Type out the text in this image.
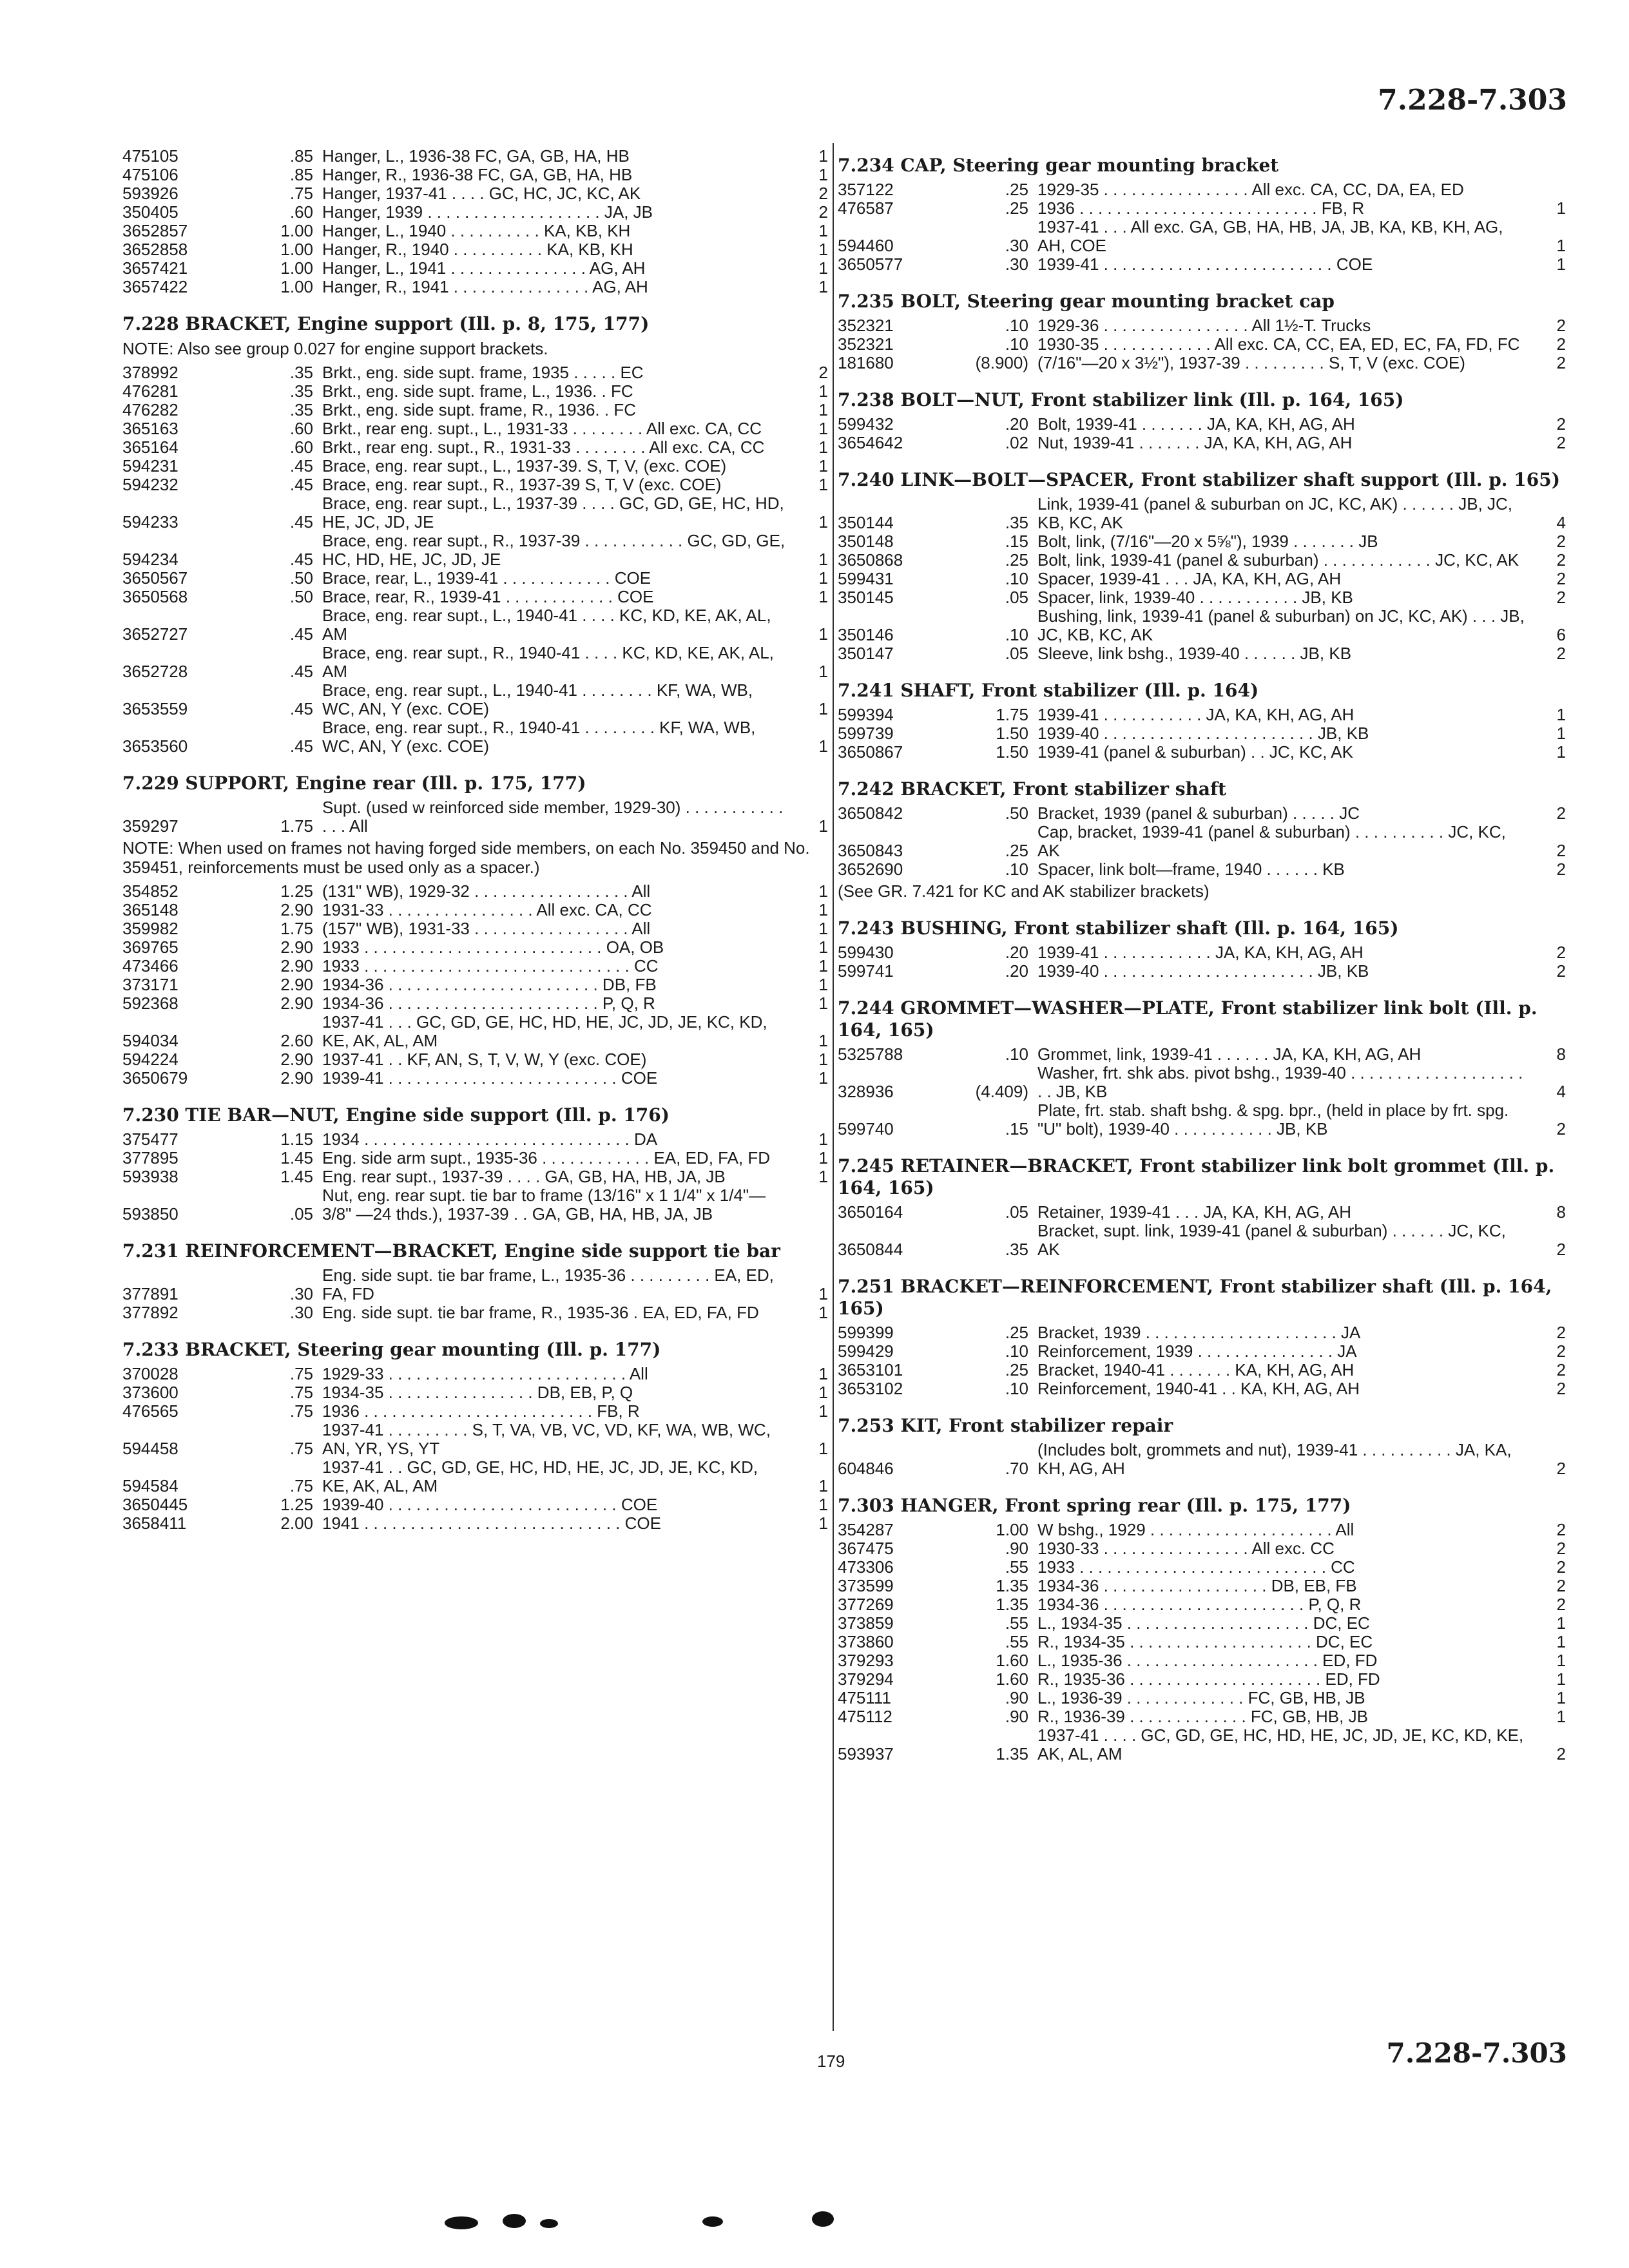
7.228-7.303
475105	.85 Hanger, L., 1936-38 FC, GA, GB, HA, HB	1
475106	.85 Hanger, R., 1936-38 FC, GA, GB, HA, HB	1
593926	.75 Hanger, 1937-41 . . . . GC, HC, JC, KC, AK	2
350405	.60 Hanger, 1939 . . . . . . . . . . . . . . . . . . . JA, JB	2
3652857	1.00 Hanger, L., 1940 . . . . . . . . . . KA, KB, KH	1
3652858	1.00 Hanger, R., 1940 . . . . . . . . . . KA, KB, KH	1
3657421	1.00 Hanger, L., 1941 . . . . . . . . . . . . . . . AG, AH	1
3657422	1.00 Hanger, R., 1941 . . . . . . . . . . . . . . . AG, AH	1
7.228 BRACKET, Engine support (Ill. p. 8, 175, 177)
NOTE: Also see group 0.027 for engine support brackets.
378992	.35 Brkt., eng. side supt. frame, 1935 . . . . . EC	2
476281	.35 Brkt., eng. side supt. frame, L., 1936. . FC	1
476282	.35 Brkt., eng. side supt. frame, R., 1936. . FC	1
365163	.60 Brkt., rear eng. supt., L., 1931-33 . . . . . . . . All exc. CA, CC	1
365164	.60 Brkt., rear eng. supt., R., 1931-33 . . . . . . . . All exc. CA, CC	1
594231	.45 Brace, eng. rear supt., L., 1937-39. S, T, V, (exc. COE)	1
594232	.45 Brace, eng. rear supt., R., 1937-39 S, T, V (exc. COE)	1
594233	.45
Brace, eng. rear supt., L., 1937-39 . . . . GC, GD, GE, HC, HD, HE, JC, JD, JE	1
594234	.45
Brace, eng. rear supt., R., 1937-39 . . . . . . . . . . . GC, GD, GE, HC, HD, HE, JC, JD, JE	1
3650567	.50 Brace, rear, L., 1939-41 . . . . . . . . . . . . COE	1
3650568	.50 Brace, rear, R., 1939-41 . . . . . . . . . . . . COE	1
3652727	.45
Brace, eng. rear supt., L., 1940-41 . . . . KC, KD, KE, AK, AL, AM	1
3652728	.45
Brace, eng. rear supt., R., 1940-41 . . . . KC, KD, KE, AK, AL, AM	1
3653559	.45
Brace, eng. rear supt., L., 1940-41 . . . . . . . . KF, WA, WB, WC, AN, Y (exc. COE)	1
3653560	.45
Brace, eng. rear supt., R., 1940-41 . . . . . . . . KF, WA, WB, WC, AN, Y (exc. COE)	1
7.229 SUPPORT, Engine rear (Ill. p. 175, 177)
359297	1.75
Supt. (used w reinforced side member, 1929-30) . . . . . . . . . . . . . . All	1
NOTE: When used on frames not having forged side members, on each No. 359450 and No. 359451, reinforcements must be used only as a spacer.)
354852	1.25 (131" WB), 1929-32 . . . . . . . . . . . . . . . . . All	1
365148	2.90 1931-33 . . . . . . . . . . . . . . . . All exc. CA, CC	1
359982	1.75 (157" WB), 1931-33 . . . . . . . . . . . . . . . . . All	1
369765	2.90 1933 . . . . . . . . . . . . . . . . . . . . . . . . . . OA, OB	1
473466	2.90 1933 . . . . . . . . . . . . . . . . . . . . . . . . . . . . . CC	1
373171	2.90 1934-36 . . . . . . . . . . . . . . . . . . . . . . . DB, FB	1
592368	2.90 1934-36 . . . . . . . . . . . . . . . . . . . . . . . P, Q, R	1
594034	2.60
1937-41 . . . GC, GD, GE, HC, HD, HE, JC, JD, JE, KC, KD, KE, AK, AL, AM	1
594224	2.90 1937-41 . . KF, AN, S, T, V, W, Y (exc. COE)	1
3650679	2.90 1939-41 . . . . . . . . . . . . . . . . . . . . . . . . . COE	1
7.230 TIE BAR—NUT, Engine side support (Ill. p. 176)
375477	1.15 1934 . . . . . . . . . . . . . . . . . . . . . . . . . . . . . DA	1
377895	1.45 Eng. side arm supt., 1935-36 . . . . . . . . . . . . EA, ED, FA, FD	1
593938	1.45 Eng. rear supt., 1937-39 . . . . GA, GB, HA, HB, JA, JB	1
593850	.05
Nut, eng. rear supt. tie bar to frame (13/16" x 1 1/4" x 1/4"—3/8" —24 thds.), 1937-39 . . GA, GB, HA, HB, JA, JB
7.231 REINFORCEMENT—BRACKET, Engine side support tie bar
377891	.30
Eng. side supt. tie bar frame, L., 1935-36 . . . . . . . . . EA, ED, FA, FD	1
377892	.30 Eng. side supt. tie bar frame, R., 1935-36 . EA, ED, FA, FD	1
7.233 BRACKET, Steering gear mounting (Ill. p. 177)
370028	.75 1929-33 . . . . . . . . . . . . . . . . . . . . . . . . . . All	1
373600	.75 1934-35 . . . . . . . . . . . . . . . . DB, EB, P, Q	1
476565	.75 1936 . . . . . . . . . . . . . . . . . . . . . . . . . FB, R	1
594458	.75
1937-41 . . . . . . . . . S, T, VA, VB, VC, VD, KF, WA, WB, WC, AN, YR, YS, YT	1
594584	.75
1937-41 . . GC, GD, GE, HC, HD, HE, JC, JD, JE, KC, KD, KE, AK, AL, AM	1
3650445	1.25 1939-40 . . . . . . . . . . . . . . . . . . . . . . . . . COE	1
3658411	2.00 1941 . . . . . . . . . . . . . . . . . . . . . . . . . . . . COE	1
7.234 CAP, Steering gear mounting bracket
357122	.25 1929-35 . . . . . . . . . . . . . . . . All exc. CA, CC, DA, EA, ED
476587	.25 1936 . . . . . . . . . . . . . . . . . . . . . . . . . . FB, R	1
594460	.30
1937-41 . . . All exc. GA, GB, HA, HB, JA, JB, KA, KB, KH, AG, AH, COE	1
3650577	.30 1939-41 . . . . . . . . . . . . . . . . . . . . . . . . . COE	1
7.235 BOLT, Steering gear mounting bracket cap
352321	.10 1929-36 . . . . . . . . . . . . . . . . All 1½-T. Trucks	2
352321	.10 1930-35 . . . . . . . . . . . . All exc. CA, CC, EA, ED, EC, FA, FD, FC	2
181680	(8.900) (7/16"—20 x 3½"), 1937-39 . . . . . . . . . S, T, V (exc. COE)	2
7.238 BOLT—NUT, Front stabilizer link (Ill. p. 164, 165)
599432	.20 Bolt, 1939-41 . . . . . . . JA, KA, KH, AG, AH	2
3654642	.02 Nut, 1939-41 . . . . . . . JA, KA, KH, AG, AH	2
7.240 LINK—BOLT—SPACER, Front stabilizer shaft support (Ill. p. 165)
350144	.35
Link, 1939-41 (panel & suburban on JC, KC, AK) . . . . . . JB, JC, KB, KC, AK	4
350148	.15 Bolt, link, (7/16"—20 x 5⅝"), 1939 . . . . . . . JB	2
3650868	.25 Bolt, link, 1939-41 (panel & suburban) . . . . . . . . . . . . JC, KC, AK	2
599431	.10 Spacer, 1939-41 . . . JA, KA, KH, AG, AH	2
350145	.05 Spacer, link, 1939-40 . . . . . . . . . . . JB, KB	2
350146	.10
Bushing, link, 1939-41 (panel & suburban) on JC, KC, AK) . . . JB, JC, KB, KC, AK	6
350147	.05 Sleeve, link bshg., 1939-40 . . . . . . JB, KB	2
7.241 SHAFT, Front stabilizer (Ill. p. 164)
599394	1.75 1939-41 . . . . . . . . . . . JA, KA, KH, AG, AH	1
599739	1.50 1939-40 . . . . . . . . . . . . . . . . . . . . . . . JB, KB	1
3650867	1.50 1939-41 (panel & suburban) . . JC, KC, AK	1
7.242 BRACKET, Front stabilizer shaft
3650842	.50 Bracket, 1939 (panel & suburban) . . . . . JC	2
3650843	.25
Cap, bracket, 1939-41 (panel & suburban) . . . . . . . . . . JC, KC, AK	2
3652690	.10 Spacer, link bolt—frame, 1940 . . . . . . KB	2
(See GR. 7.421 for KC and AK stabilizer brackets)
7.243 BUSHING, Front stabilizer shaft (Ill. p. 164, 165)
599430	.20 1939-41 . . . . . . . . . . . . JA, KA, KH, AG, AH	2
599741	.20 1939-40 . . . . . . . . . . . . . . . . . . . . . . . JB, KB	2
7.244 GROMMET—WASHER—PLATE, Front stabilizer link bolt (Ill. p. 164, 165)
5325788	.10 Grommet, link, 1939-41 . . . . . . JA, KA, KH, AG, AH	8
328936	(4.409)
Washer, frt. shk abs. pivot bshg., 1939-40 . . . . . . . . . . . . . . . . . . . . . JB, KB	4
599740	.15
Plate, frt. stab. shaft bshg. & spg. bpr., (held in place by frt. spg. "U" bolt), 1939-40 . . . . . . . . . . . JB, KB	2
7.245 RETAINER—BRACKET, Front stabilizer link bolt grommet (Ill. p. 164, 165)
3650164	.05 Retainer, 1939-41 . . . JA, KA, KH, AG, AH	8
3650844	.35
Bracket, supt. link, 1939-41 (panel & suburban) . . . . . . JC, KC, AK	2
7.251 BRACKET—REINFORCEMENT, Front stabilizer shaft (Ill. p. 164, 165)
599399	.25 Bracket, 1939 . . . . . . . . . . . . . . . . . . . . . JA	2
599429	.10 Reinforcement, 1939 . . . . . . . . . . . . . . . JA	2
3653101	.25 Bracket, 1940-41 . . . . . . . KA, KH, AG, AH	2
3653102	.10 Reinforcement, 1940-41 . . KA, KH, AG, AH	2
7.253 KIT, Front stabilizer repair
604846	.70
(Includes bolt, grommets and nut), 1939-41 . . . . . . . . . . JA, KA, KH, AG, AH	2
7.303 HANGER, Front spring rear (Ill. p. 175, 177)
354287	1.00 W bshg., 1929 . . . . . . . . . . . . . . . . . . . . All	2
367475	.90 1930-33 . . . . . . . . . . . . . . . . All exc. CC	2
473306	.55 1933 . . . . . . . . . . . . . . . . . . . . . . . . . . . CC	2
373599	1.35 1934-36 . . . . . . . . . . . . . . . . . . DB, EB, FB	2
377269	1.35 1934-36 . . . . . . . . . . . . . . . . . . . . . . P, Q, R	2
373859	.55 L., 1934-35 . . . . . . . . . . . . . . . . . . . . DC, EC	1
373860	.55 R., 1934-35 . . . . . . . . . . . . . . . . . . . . DC, EC	1
379293	1.60 L., 1935-36 . . . . . . . . . . . . . . . . . . . . . ED, FD	1
379294	1.60 R., 1935-36 . . . . . . . . . . . . . . . . . . . . . ED, FD	1
475111	.90 L., 1936-39 . . . . . . . . . . . . . FC, GB, HB, JB	1
475112	.90 R., 1936-39 . . . . . . . . . . . . . FC, GB, HB, JB	1
593937	1.35
1937-41 . . . . GC, GD, GE, HC, HD, HE, JC, JD, JE, KC, KD, KE, AK, AL, AM	2
179	7.228-7.303
